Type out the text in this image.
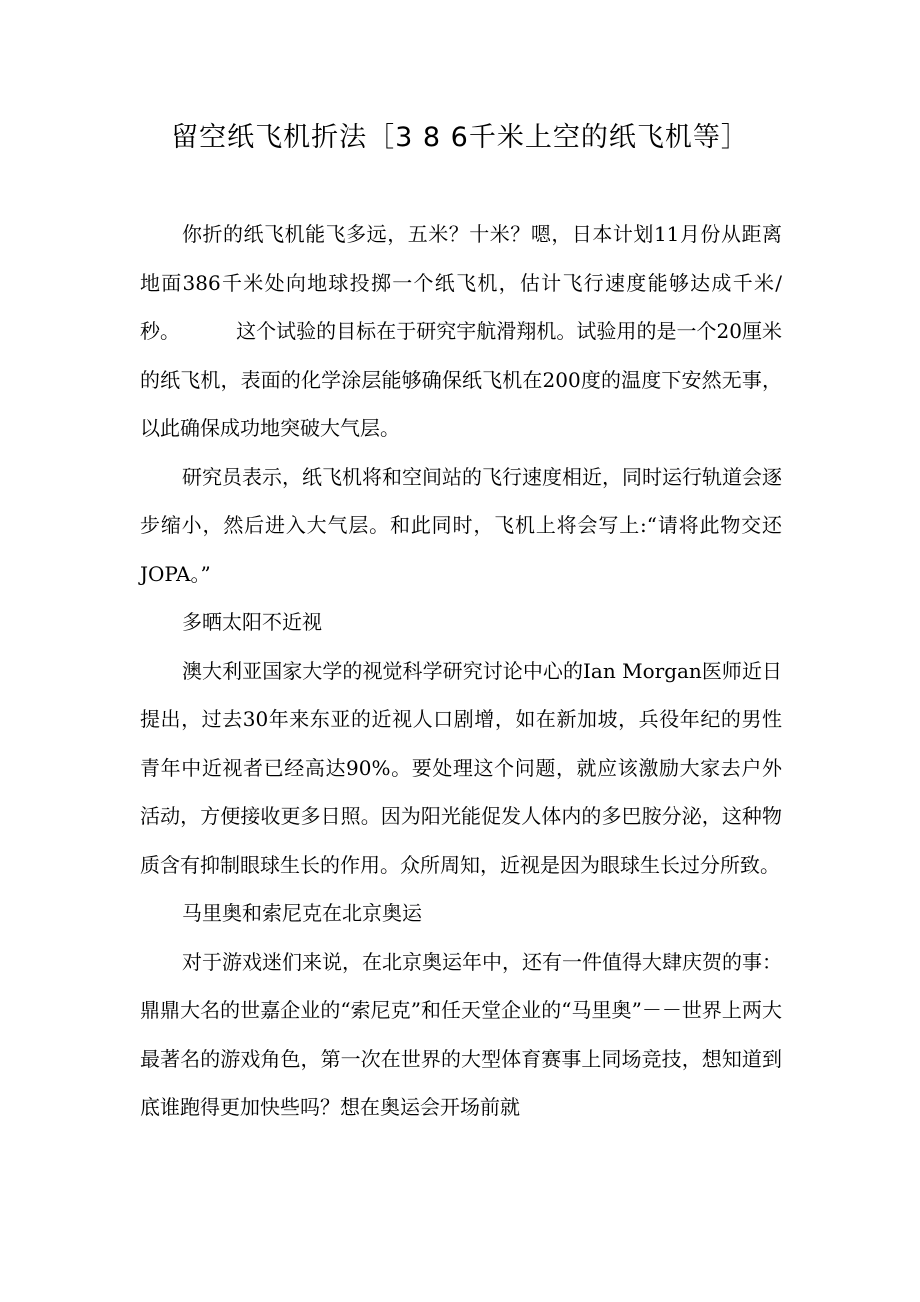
留空纸飞机折法［3 8 6千米上空的纸飞机等］

你折的纸飞机能飞多远，五米？十米？嗯，日本计划11月份从距离地面386千米处向地球投掷一个纸飞机，估计飞行速度能够达成千米/秒。	这个试验的目标在于研究宇航滑翔机。试验用的是一个20厘米的纸飞机，表面的化学涂层能够确保纸飞机在200度的温度下安然无事，以此确保成功地突破大气层。

研究员表示，纸飞机将和空间站的飞行速度相近，同时运行轨道会逐步缩小，然后进入大气层。和此同时，飞机上将会写上:“请将此物交还JOPA。”

多晒太阳不近视

澳大利亚国家大学的视觉科学研究讨论中心的Ian Morgan医师近日提出，过去30年来东亚的近视人口剧增，如在新加坡，兵役年纪的男性青年中近视者已经高达90%。要处理这个问题，就应该激励大家去户外活动，方便接收更多日照。因为阳光能促发人体内的多巴胺分泌，这种物质含有抑制眼球生长的作用。众所周知，近视是因为眼球生长过分所致。

马里奥和索尼克在北京奥运

对于游戏迷们来说，在北京奥运年中，还有一件值得大肆庆贺的事：鼎鼎大名的世嘉企业的“索尼克”和任天堂企业的“马里奥”－－世界上两大最著名的游戏角色，第一次在世界的大型体育赛事上同场竞技，想知道到底谁跑得更加快些吗？想在奥运会开场前就
